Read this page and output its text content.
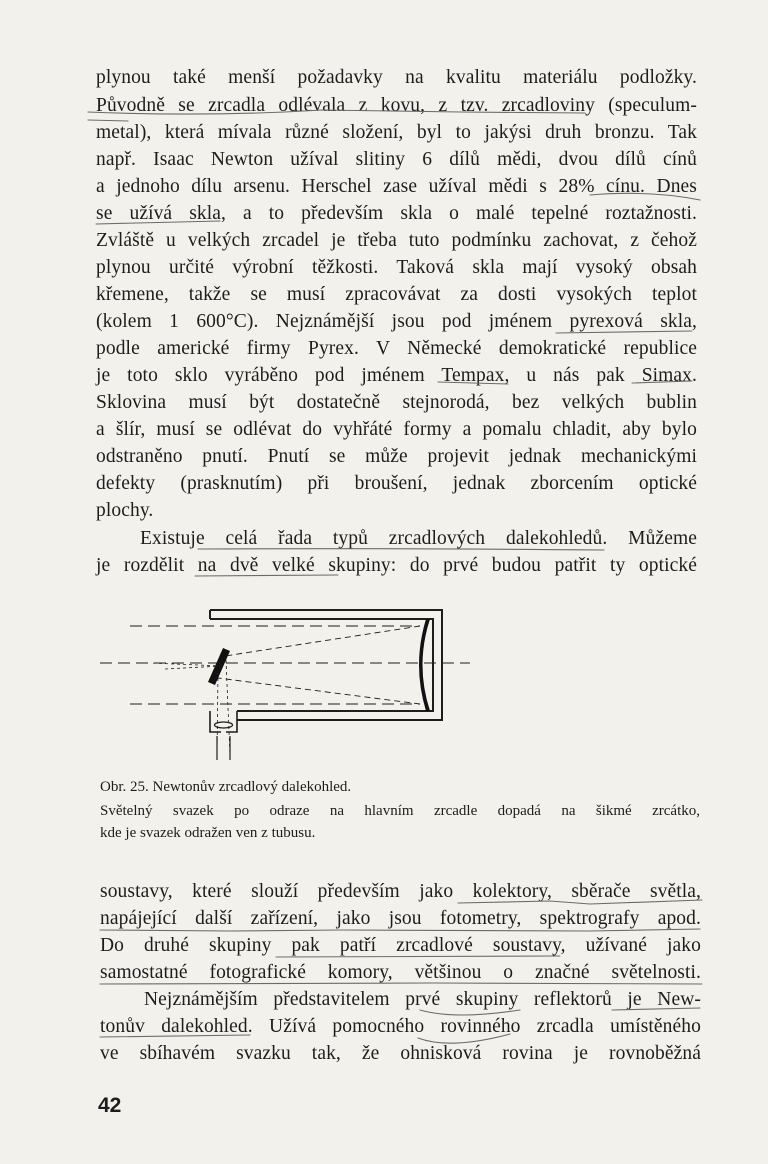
plynou také menší požadavky na kvalitu materiálu podložky.
Původně se zrcadla odlévala z kovu, z tzv. zrcadloviny (speculum-
metal), která mívala různé složení, byl to jakýsi druh bronzu. Tak
např. Isaac Newton užíval slitiny 6 dílů mědi, dvou dílů cínů
a jednoho dílu arsenu. Herschel zase užíval mědi s 28% cínu. Dnes
se užívá skla, a to především skla o malé tepelné roztažnosti.
Zvláště u velkých zrcadel je třeba tuto podmínku zachovat, z čehož
plynou určité výrobní těžkosti. Taková skla mají vysoký obsah
křemene, takže se musí zpracovávat za dosti vysokých teplot
(kolem 1 600°C). Nejznámější jsou pod jménem pyrexová skla,
podle americké firmy Pyrex. V Německé demokratické republice
je toto sklo vyráběno pod jménem Tempax, u nás pak Simax.
Sklovina musí být dostatečně stejnorodá, bez velkých bublin
a šlír, musí se odlévat do vyhřáté formy a pomalu chladit, aby bylo
odstraněno pnutí. Pnutí se může projevit jednak mechanickými
defekty (prasknutím) při broušení, jednak zborcením optické
plochy.
Existuje celá řada typů zrcadlových dalekohledů. Můžeme
je rozdělit na dvě velké skupiny: do prvé budou patřit ty optické
Obr. 25. Newtonův zrcadlový dalekohled.
Světelný svazek po odraze na hlavním zrcadle dopadá na šikmé zrcátko,
kde je svazek odražen ven z tubusu.
soustavy, které slouží především jako kolektory, sběrače světla,
napájející další zařízení, jako jsou fotometry, spektrografy apod.
Do druhé skupiny pak patří zrcadlové soustavy, užívané jako
samostatné fotografické komory, většinou o značné světelnosti.
Nejznámějším představitelem prvé skupiny reflektorů je New-
tonův dalekohled. Užívá pomocného rovinného zrcadla umístěného
ve sbíhavém svazku tak, že ohnisková rovina je rovnoběžná
42
